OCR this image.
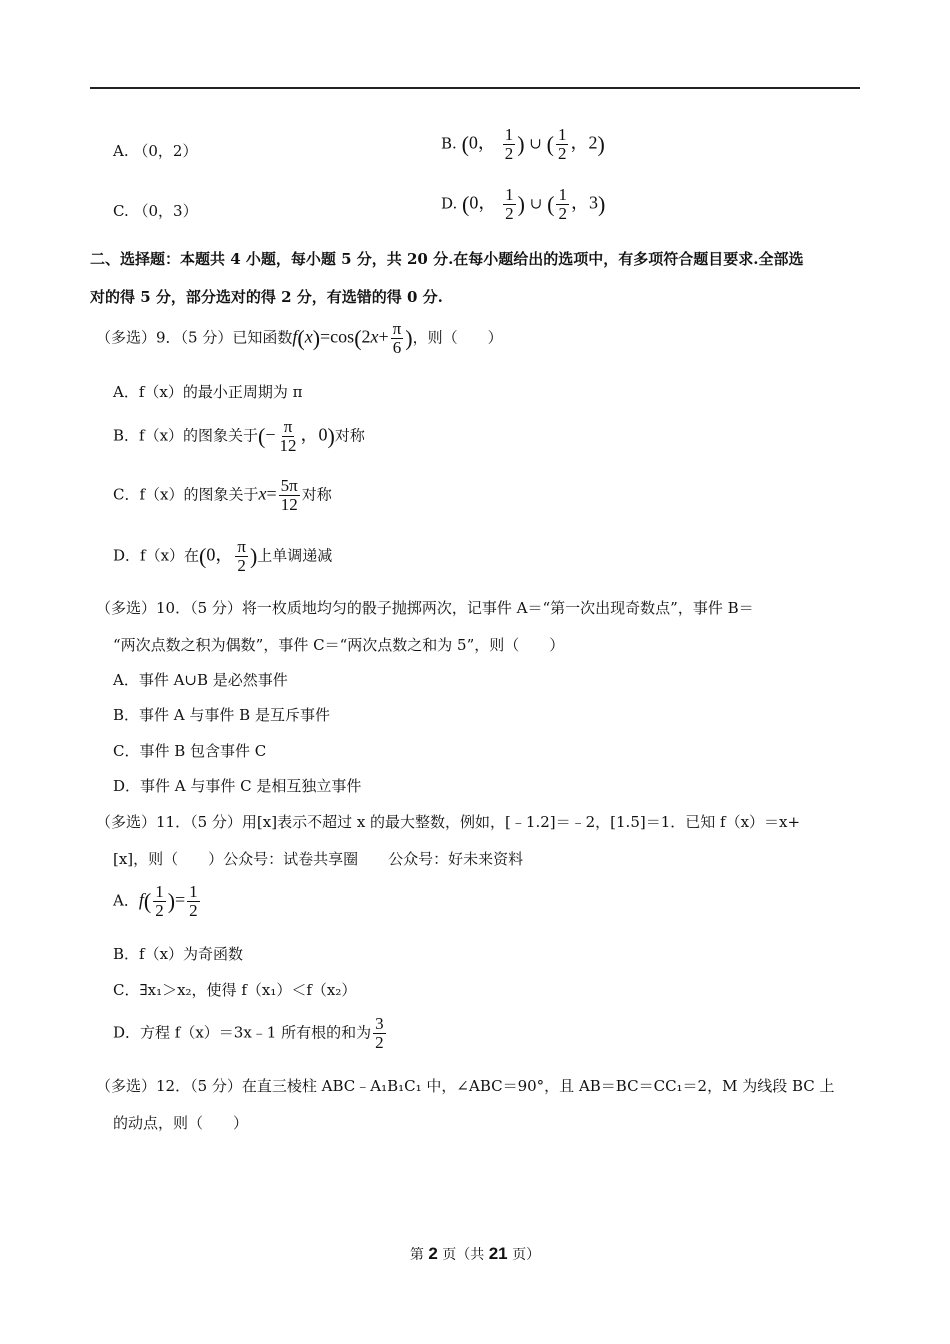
A. （0，2）	B. (0， $\frac{1}{2}$ ) ∪ ( $\frac{1}{2}$ ，2)
C. （0，3）	D. (0， $\frac{1}{2}$ ) ∪ ( $\frac{1}{2}$ ，3)
二、选择题：本题共 4 小题，每小题 5 分，共 20 分.在每小题给出的选项中，有多项符合题目要求.全部选
对的得 5 分，部分选对的得 2 分，有选错的得 0 分.
（多选）9．（5 分）已知函数$f(x)=\cos(2x+ \frac{\pi}{6}$ )，则（　　）
A．f（x）的最小正周期为 π
B．f（x）的图象关于(− $\frac{\pi}{12}$ ，0)对称
C．f（x）的图象关于$x= \frac{5\pi}{12}$ 对称
D．f（x）在(0， $\frac{\pi}{2}$ )上单调递减
（多选）10．（5 分）将一枚质地均匀的骰子抛掷两次，记事件 A＝“第一次出现奇数点”，事件 B＝
“两次点数之积为偶数”，事件 C＝“两次点数之和为 5”，则（　　）
A．事件 A∪B 是必然事件
B．事件 A 与事件 B 是互斥事件
C．事件 B 包含事件 C
D．事件 A 与事件 C 是相互独立事件
（多选）11．（5 分）用[x]表示不超过 x 的最大整数，例如，[﹣1.2]＝﹣2，[1.5]＝1．已知 f（x）＝x+
[x]，则（　　）公众号：试卷共享圈　　公众号：好未来资料
A．$f( \frac{1}{2}$ )= $\frac{1}{2}$
B．f（x）为奇函数
C．∃x₁＞x₂，使得 f（x₁）＜f（x₂）
D．方程 f（x）＝3x﹣1 所有根的和为 $\frac{3}{2}$
（多选）12．（5 分）在直三棱柱 ABC﹣A₁B₁C₁ 中，∠ABC＝90°，且 AB＝BC＝CC₁＝2，M 为线段 BC 上
的动点，则（　　）
第 2 页（共 21 页）
